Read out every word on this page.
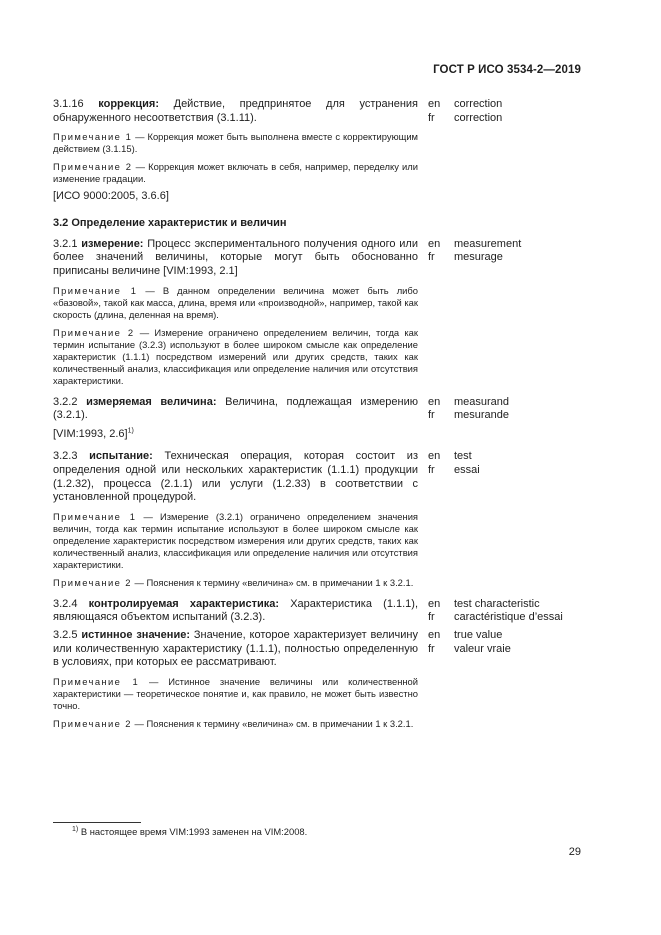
ГОСТ Р ИСО 3534-2—2019
3.1.16 коррекция: Действие, предпринятое для устранения обнаруженного несоответствия (3.1.11).
en
fr
correction
correction
Примечание 1 — Коррекция может быть выполнена вместе с корректирующим действием (3.1.15).
Примечание 2 — Коррекция может включать в себя, например, переделку или изменение градации.
[ИСО 9000:2005, 3.6.6]
3.2 Определение характеристик и величин
3.2.1 измерение: Процесс экспериментального получения одного или более значений величины, которые могут быть обоснованно приписаны величине [VIM:1993, 2.1]
en
fr
measurement
mesurage
Примечание 1 — В данном определении величина может быть либо «базовой», такой как масса, длина, время или «производной», например, такой как скорость (длина, деленная на время).
Примечание 2 — Измерение ограничено определением величин, тогда как термин испытание (3.2.3) используют в более широком смысле как определение характеристик (1.1.1) посредством измерений или других средств, таких как количественный анализ, классификация или определение наличия или отсутствия характеристики.
3.2.2 измеряемая величина: Величина, подлежащая измерению (3.2.1).
en
fr
measurand
mesurande
[VIM:1993, 2.6]$^{1)}$
3.2.3 испытание: Техническая операция, которая состоит из определения одной или нескольких характеристик (1.1.1) продукции (1.2.32), процесса (2.1.1) или услуги (1.2.33) в соответствии с установленной процедурой.
en
fr
test
essai
Примечание 1 — Измерение (3.2.1) ограничено определением значения величин, тогда как термин испытание используют в более широком смысле как определение характеристик посредством измерения или других средств, таких как количественный анализ, классификация или определение наличия или отсутствия характеристики.
Примечание 2 — Пояснения к термину «величина» см. в примечании 1 к 3.2.1.
3.2.4 контролируемая характеристика: Характеристика (1.1.1), являющаяся объектом испытаний (3.2.3).
en
fr
test characteristic
caractéristique d’essai
3.2.5 истинное значение: Значение, которое характеризует величину или количественную характеристику (1.1.1), полностью определенную в условиях, при которых ее рассматривают.
en
fr
true value
valeur vraie
Примечание 1 — Истинное значение величины или количественной характеристики — теоретическое понятие и, как правило, не может быть известно точно.
Примечание 2 — Пояснения к термину «величина» см. в примечании 1 к 3.2.1.
$^{1)}$ В настоящее время VIM:1993 заменен на VIM:2008.
29
